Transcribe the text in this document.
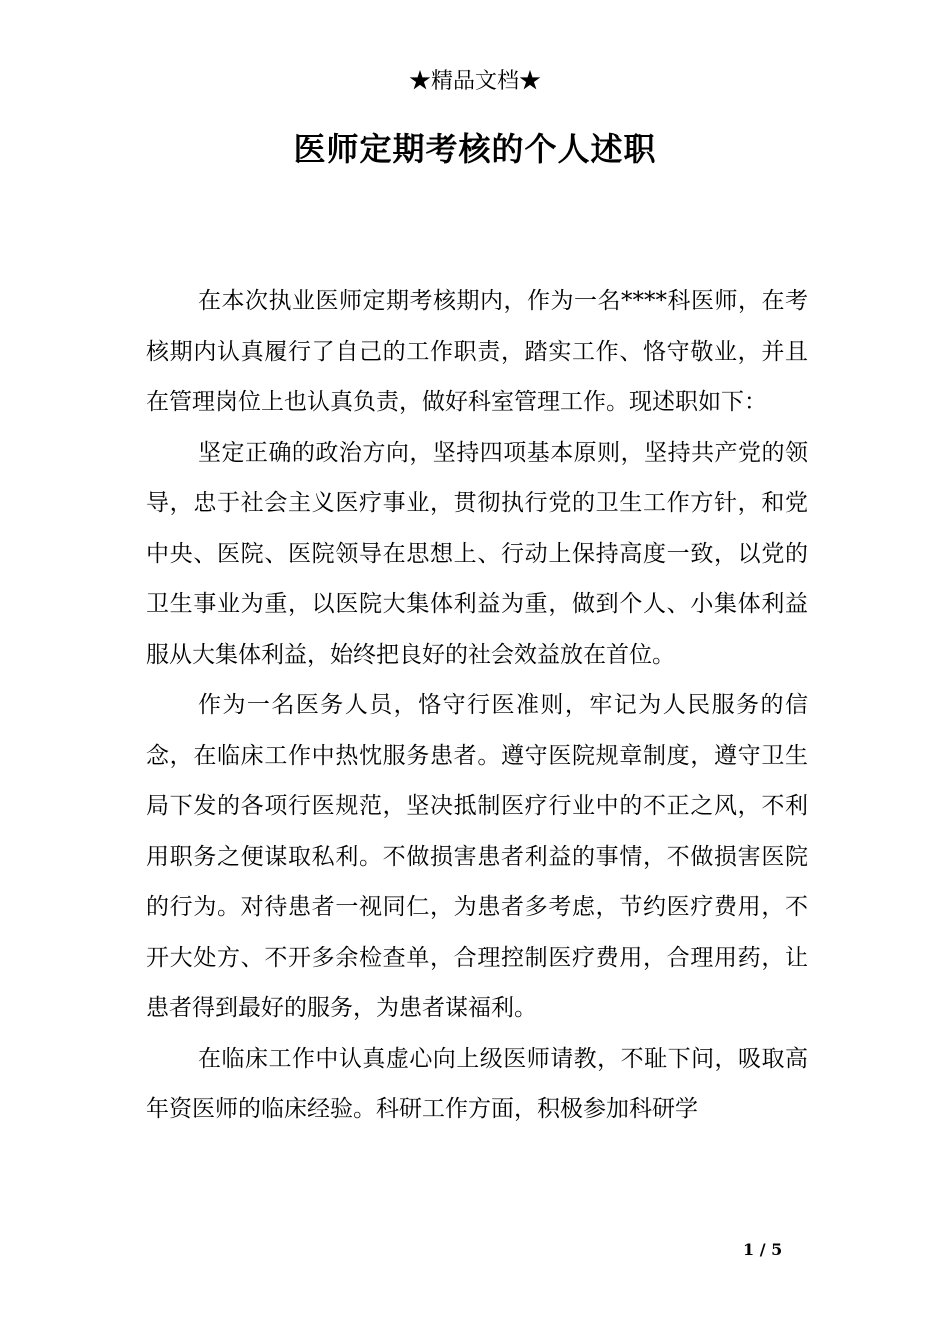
★精品文档★
医师定期考核的个人述职

在本次执业医师定期考核期内，作为一名****科医师，在考核期内认真履行了自己的工作职责，踏实工作、恪守敬业，并且在管理岗位上也认真负责，做好科室管理工作。现述职如下：

坚定正确的政治方向，坚持四项基本原则，坚持共产党的领导，忠于社会主义医疗事业，贯彻执行党的卫生工作方针，和党中央、医院、医院领导在思想上、行动上保持高度一致，以党的卫生事业为重，以医院大集体利益为重，做到个人、小集体利益服从大集体利益，始终把良好的社会效益放在首位。

作为一名医务人员，恪守行医准则，牢记为人民服务的信念，在临床工作中热忱服务患者。遵守医院规章制度，遵守卫生局下发的各项行医规范，坚决抵制医疗行业中的不正之风，不利用职务之便谋取私利。不做损害患者利益的事情，不做损害医院的行为。对待患者一视同仁，为患者多考虑，节约医疗费用，不开大处方、不开多余检查单，合理控制医疗费用，合理用药，让患者得到最好的服务，为患者谋福利。

在临床工作中认真虚心向上级医师请教，不耻下问，吸取高年资医师的临床经验。科研工作方面，积极参加科研学

1 / 5
